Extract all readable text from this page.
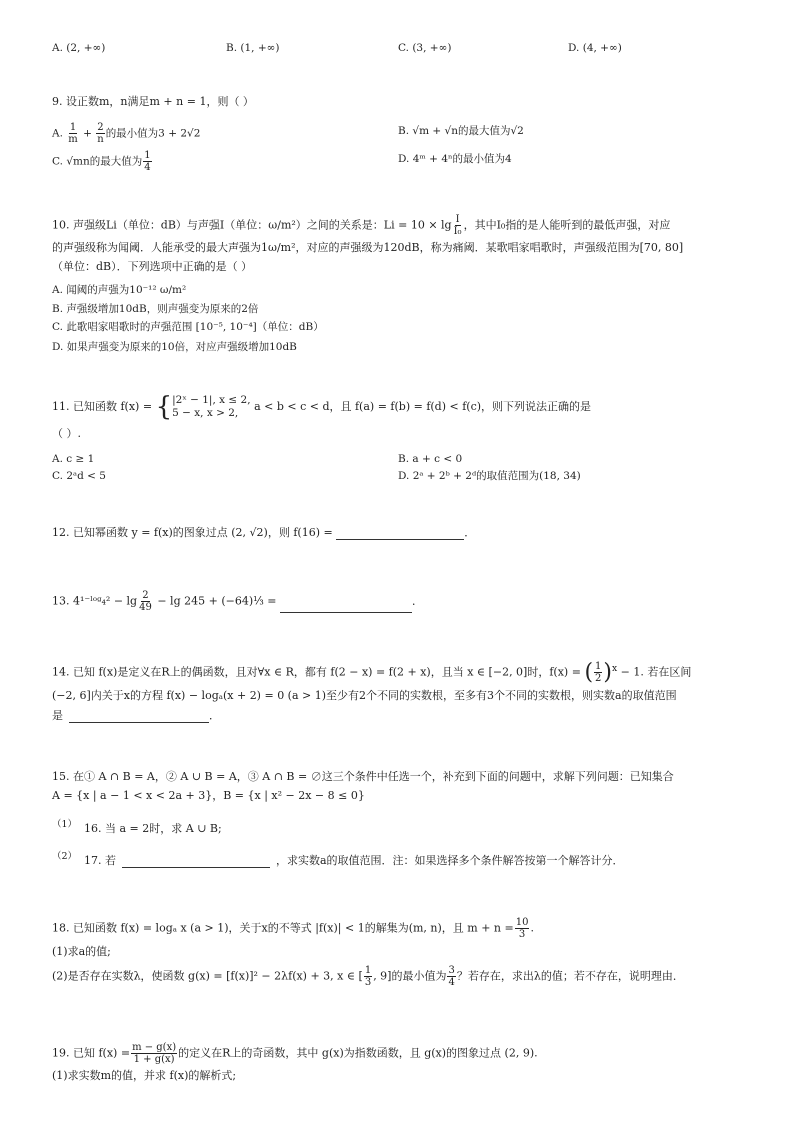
A. (2, +∞)	B. (1, +∞)	C. (3, +∞)	D. (4, +∞)
9. 设正数m，n满足m + n = 1，则（ ）
A. $\frac{1}{m} + \frac{2}{n}$ 的最小值为3 + 2√2	B. √m + √n的最大值为√2
C. √mn的最大值为 $\frac{1}{4}$	D. 4ᵐ + 4ⁿ的最小值为4
10. 声强级Li（单位：dB）与声强I（单位：ω/m²）之间的关系是：$Li = 10 \times \lg \frac{I}{\text{I₀}}$ ，其中I₀指的是人能听到的最低声强，对应
的声强级称为闻阈．人能承受的最大声强为1ω/m²，对应的声强级为120dB，称为痛阈．某歌唱家唱歌时，声强级范围为[70, 80]
（单位：dB）．下列选项中正确的是（ ）
A. 闻阈的声强为10⁻¹² ω/m²
B. 声强级增加10dB，则声强变为原来的2倍
C. 此歌唱家唱歌时的声强范围 [10⁻⁵, 10⁻⁴]（单位：dB）
D. 如果声强变为原来的10倍，对应声强级增加10dB
11. 已知函数 f(x) = { |2ˣ − 1|, x ≤ 2,
5 − x, x > 2,	a < b < c < d，且 f(a) = f(b) = f(d) < f(c)，则下列说法正确的是
（ ）.
A. c ≥ 1	B. a + c < 0
C. 2ᵃd < 5	D. 2ᵃ + 2ᵇ + 2ᵈ的取值范围为(18, 34)
12. 已知幂函数 y = f(x)的图象过点 (2, √2)，则 f(16) =	．
13. 4¹⁻ˡᵒᵍ₄² − $\lg \frac{2}{49} - \lg 245$ + (−64)⅓ =	．
14. 已知 f(x)是定义在R上的偶函数，且对∀x ∈ R，都有 f(2 − x) = f(2 + x)，且当 x ∈ [−2, 0]时，f(x) = ( $\frac{1}{2} )^x - 1$. 若在区间
(−2, 6]内关于x的方程 f(x) − logₐ(x + 2) = 0 (a > 1)至少有2个不同的实数根，至多有3个不同的实数根，则实数a的取值范围
是	．
15. 在① A ∩ B = A，② A ∪ B = A，③ A ∩ B = ∅这三个条件中任选一个，补充到下面的问题中，求解下列问题：已知集合
A = {x | a − 1 < x < 2a + 3}，B = {x | x² − 2x − 8 ≤ 0}
（1） 16. 当 a = 2时，求 A ∪ B;
（2） 17. 若	，求实数a的取值范围．注：如果选择多个条件解答按第一个解答计分．
18. 已知函数 f(x) = logₐ x (a > 1)，关于x的不等式 |f(x)| < 1的解集为(m, n)，且 $m + n = \frac{10}{3}$ .
(1)求a的值;
(2)是否存在实数λ，使函数 g(x) = [f(x)]² − 2λf(x) + 3, x ∈ [ $\frac{1}{3}$ , 9]的最小值为 $\frac{3}{4}$ ？若存在，求出λ的值；若不存在，说明理由．
19. 已知 $f(x) = \frac{m - g(x)}{1 + g(x)}$ 的定义在R上的奇函数，其中 g(x)为指数函数，且 g(x)的图象过点 (2, 9).
(1)求实数m的值，并求 f(x)的解析式;
